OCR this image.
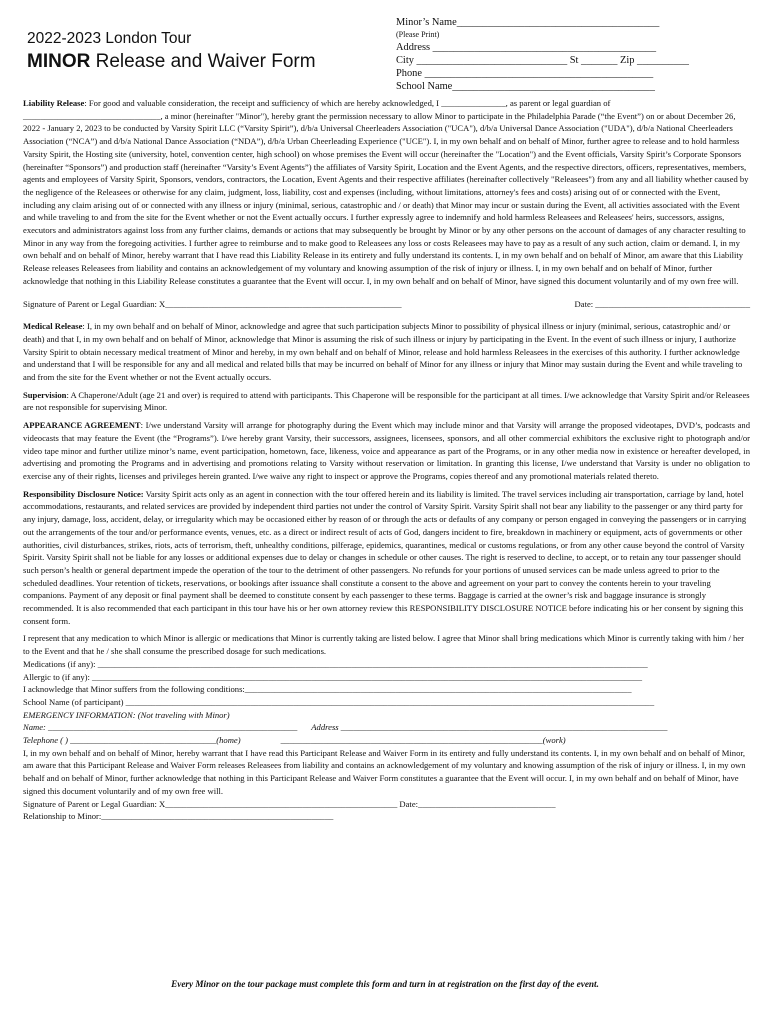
2022-2023 London Tour
MINOR Release and Waiver Form
Minor’s Name_______________________________________
(Please Print)
Address ___________________________________________
City _____________________________ St _______ Zip __________
Phone ____________________________________________
School Name_______________________________________

Liability Release: For good and valuable consideration, the receipt and sufficiency of which are hereby acknowledged, I _______________, as parent or legal guardian of ________________________________, a minor (hereinafter "Minor"), hereby grant the permission necessary to allow Minor to participate in the Philadelphia Parade (“the Event”) on or about December 26, 2022 - January 2, 2023 to be conducted by Varsity Spirit LLC (“Varsity Spirit”), d/b/a Universal Cheerleaders Association ("UCA"), d/b/a Universal Dance Association ("UDA"), d/b/a National Cheerleaders Association (“NCA”) and d/b/a National Dance Association (“NDA”), d/b/a Urban Cheerleading Experience ("UCE"). I, in my own behalf and on behalf of Minor, further agree to release and to hold harmless Varsity Spirit, the Hosting site (university, hotel, convention center, high school) on whose premises the Event will occur (hereinafter the "Location") and the Event officials, Varsity Spirit’s Corporate Sponsors (hereinafter “Sponsors”) and production staff (hereinafter “Varsity’s Event Agents”) the affiliates of Varsity Spirit, Location and the Event Agents, and the respective directors, officers, representatives, members, agents and employees of Varsity Spirit, Sponsors, vendors, contractors, the Location, Event Agents and their respective affiliates (hereinafter collectively "Releasees") from any and all liability whether caused by the negligence of the Releasees or otherwise for any claim, judgment, loss, liability, cost and expenses (including, without limitations, attorney's fees and costs) arising out of or connected with the Event, including any claim arising out of or connected with any illness or injury (minimal, serious, catastrophic and / or death) that Minor may incur or sustain during the Event, all activities associated with the Event and while traveling to and from the site for the Event whether or not the Event actually occurs. I further expressly agree to indemnify and hold harmless Releasees and Releasees' heirs, successors, assigns, executors and administrators against loss from any further claims, demands or actions that may subsequently be brought by Minor or by any other persons on the account of damages of any character resulting to Minor in any way from the foregoing activities. I further agree to reimburse and to make good to Releasees any loss or costs Releasees may have to pay as a result of any such action, claim or demand. I, in my own behalf and on behalf of Minor, hereby warrant that I have read this Liability Release in its entirety and fully understand its contents. I, in my own behalf and on behalf of Minor, am aware that this Liability Release releases Releasees from liability and contains an acknowledgement of my voluntary and knowing assumption of the risk of injury or illness. I, in my own behalf and on behalf of Minor, further acknowledge that nothing in this Liability Release constitutes a guarantee that the Event will occur. I, in my own behalf and on behalf of Minor, have signed this document voluntarily and of my own free will.

Signature of Parent or Legal Guardian: X_______________________________________________________	Date: ____________________________________

Medical Release: I, in my own behalf and on behalf of Minor, acknowledge and agree that such participation subjects Minor to possibility of physical illness or injury (minimal, serious, catastrophic and/ or death) and that I, in my own behalf and on behalf of Minor, acknowledge that Minor is assuming the risk of such illness or injury by participating in the Event. In the event of such illness or injury, I authorize Varsity Spirit to obtain necessary medical treatment of Minor and hereby, in my own behalf and on behalf of Minor, release and hold harmless Releasees in the exercises of this authority. I further acknowledge and understand that I will be responsible for any and all medical and related bills that may be incurred on behalf of Minor for any illness or injury that Minor may sustain during the Event and while traveling to and from the site for the Event whether or not the Event actually occurs.

Supervision: A Chaperone/Adult (age 21 and over) is required to attend with participants. This Chaperone will be responsible for the participant at all times. I/we acknowledge that Varsity Spirit and/or Releasees are not responsible for supervising Minor.

APPEARANCE AGREEMENT: I/we understand Varsity will arrange for photography during the Event which may include minor and that Varsity will arrange the proposed videotapes, DVD’s, podcasts and videocasts that may feature the Event (the “Programs”). I/we hereby grant Varsity, their successors, assignees, licensees, sponsors, and all other commercial exhibitors the exclusive right to photograph and/or video tape minor and further utilize minor’s name, event participation, hometown, face, likeness, voice and appearance as part of the Programs, or in any other media now in existence or hereafter developed, in advertising and promoting the Programs and in advertising and promotions relating to Varsity without reservation or limitation. In granting this license, I/we understand that Varsity is under no obligation to exercise any of their rights, licenses and privileges herein granted. I/we waive any right to inspect or approve the Programs, copies thereof and any promotional materials related thereto.

Responsibility Disclosure Notice: Varsity Spirit acts only as an agent in connection with the tour offered herein and its liability is limited. The travel services including air transportation, carriage by land, hotel accommodations, restaurants, and related services are provided by independent third parties not under the control of Varsity Spirit. Varsity Spirit shall not bear any liability to the passenger or any third party for any injury, damage, loss, accident, delay, or irregularity which may be occasioned either by reason of or through the acts or defaults of any company or person engaged in conveying the passengers or in carrying out the arrangements of the tour and/or performance events, venues, etc. as a direct or indirect result of acts of God, dangers incident to fire, breakdown in machinery or equipment, acts of governments or other authorities, civil disturbances, strikes, riots, acts of terrorism, theft, unhealthy conditions, pilferage, epidemics, quarantines, medical or customs regulations, or from any other cause beyond the control of Varsity Spirit. Varsity Spirit shall not be liable for any losses or additional expenses due to delay or changes in schedule or other causes. The right is reserved to decline, to accept, or to retain any tour passenger should such person’s health or general department impede the operation of the tour to the detriment of other passengers. No refunds for your portions of unused services can be made unless agreed to prior to the scheduled deadlines. Your retention of tickets, reservations, or bookings after issuance shall constitute a consent to the above and agreement on your part to convey the contents herein to your traveling companions. Payment of any deposit or final payment shall be deemed to constitute consent by each passenger to these terms. Baggage is carried at the owner’s risk and baggage insurance is strongly recommended. It is also recommended that each participant in this tour have his or her own attorney review this RESPONSIBILITY DISCLOSURE NOTICE before indicating his or her consent by signing this consent form.

I represent that any medication to which Minor is allergic or medications that Minor is currently taking are listed below. I agree that Minor shall bring medications which Minor is currently taking with him / her to the Event and that he / she shall consume the prescribed dosage for such medications.

Medications (if any): ________________________________________________________________________________________________________________________________
Allergic to (if any): ________________________________________________________________________________________________________________________________
I acknowledge that Minor suffers from the following conditions:__________________________________________________________________________________________
School Name (of participant) ___________________________________________________________________________________________________________________________
EMERGENCY INFORMATION: (Not traveling with Minor)
Name: __________________________________________________________ Address ____________________________________________________________________________
Telephone ( ) __________________________________(home)	_____________________________________________________________(work)

I, in my own behalf and on behalf of Minor, hereby warrant that I have read this Participant Release and Waiver Form in its entirety and fully understand its contents. I, in my own behalf and on behalf of Minor, am aware that this Participant Release and Waiver Form releases Releasees from liability and contains an acknowledgement of my voluntary and knowing assumption of the risk of injury or illness. I, in my own behalf and on behalf of Minor, further acknowledge that nothing in this Participant Release and Waiver Form constitutes a guarantee that the Event will occur. I, in my own behalf and on behalf of Minor, have signed this document voluntarily and of my own free will.

Signature of Parent or Legal Guardian: X______________________________________________________ Date:________________________________
Relationship to Minor:______________________________________________________
Every Minor on the tour package must complete this form and turn in at registration on the first day of the event.
